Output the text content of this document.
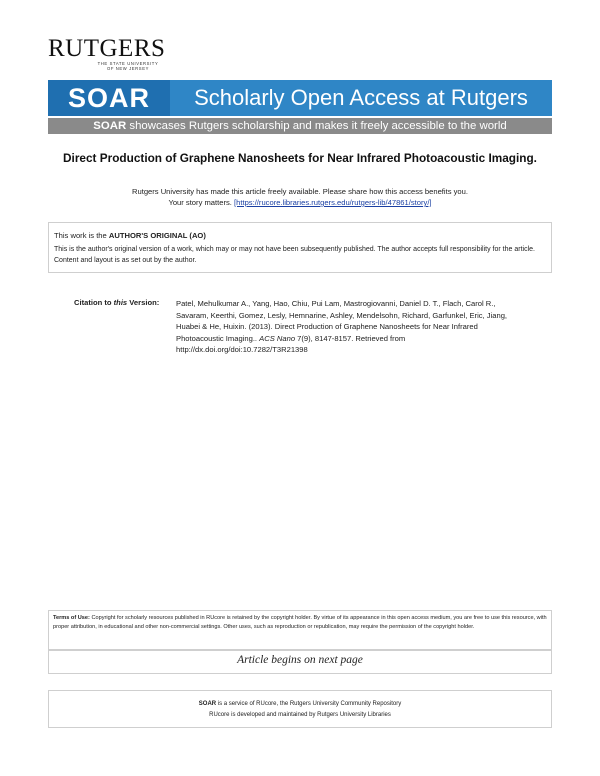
RUTGERS
THE STATE UNIVERSITY
OF NEW JERSEY
SOAR	Scholarly Open Access at Rutgers
SOAR showcases Rutgers scholarship and makes it freely accessible to the world
Direct Production of Graphene Nanosheets for Near Infrared Photoacoustic Imaging.
Rutgers University has made this article freely available. Please share how this access benefits you.
Your story matters. [https://rucore.libraries.rutgers.edu/rutgers-lib/47861/story/]
This work is the AUTHOR'S ORIGINAL (AO)
This is the author's original version of a work, which may or may not have been subsequently published. The author accepts full responsibility for the article. Content and layout is as set out by the author.
Citation to this Version: Patel, Mehulkumar A., Yang, Hao, Chiu, Pui Lam, Mastrogiovanni, Daniel D. T., Flach, Carol R., Savaram, Keerthi, Gomez, Lesly, Hemnarine, Ashley, Mendelsohn, Richard, Garfunkel, Eric, Jiang, Huabei & He, Huixin. (2013). Direct Production of Graphene Nanosheets for Near Infrared Photoacoustic Imaging.. ACS Nano 7(9), 8147-8157. Retrieved from http://dx.doi.org/doi:10.7282/T3R21398
Terms of Use: Copyright for scholarly resources published in RUcore is retained by the copyright holder. By virtue of its appearance in this open access medium, you are free to use this resource, with proper attribution, in educational and other non-commercial settings. Other uses, such as reproduction or republication, may require the permission of the copyright holder.
Article begins on next page
SOAR is a service of RUcore, the Rutgers University Community Repository
RUcore is developed and maintained by Rutgers University Libraries
